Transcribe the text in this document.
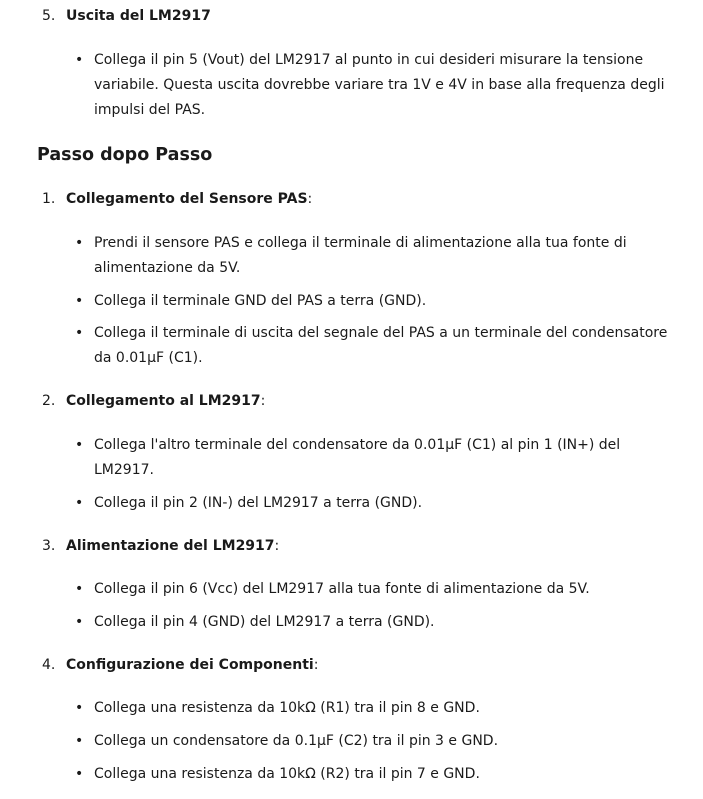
5. Uscita del LM2917
• Collega il pin 5 (Vout) del LM2917 al punto in cui desideri misurare la tensione variabile. Questa uscita dovrebbe variare tra 1V e 4V in base alla frequenza degli impulsi del PAS.
Passo dopo Passo
1. Collegamento del Sensore PAS:
• Prendi il sensore PAS e collega il terminale di alimentazione alla tua fonte di alimentazione da 5V.
• Collega il terminale GND del PAS a terra (GND).
• Collega il terminale di uscita del segnale del PAS a un terminale del condensatore da 0.01µF (C1).
2. Collegamento al LM2917:
• Collega l'altro terminale del condensatore da 0.01µF (C1) al pin 1 (IN+) del LM2917.
• Collega il pin 2 (IN-) del LM2917 a terra (GND).
3. Alimentazione del LM2917:
• Collega il pin 6 (Vcc) del LM2917 alla tua fonte di alimentazione da 5V.
• Collega il pin 4 (GND) del LM2917 a terra (GND).
4. Configurazione dei Componenti:
• Collega una resistenza da 10kΩ (R1) tra il pin 8 e GND.
• Collega un condensatore da 0.1µF (C2) tra il pin 3 e GND.
• Collega una resistenza da 10kΩ (R2) tra il pin 7 e GND.
